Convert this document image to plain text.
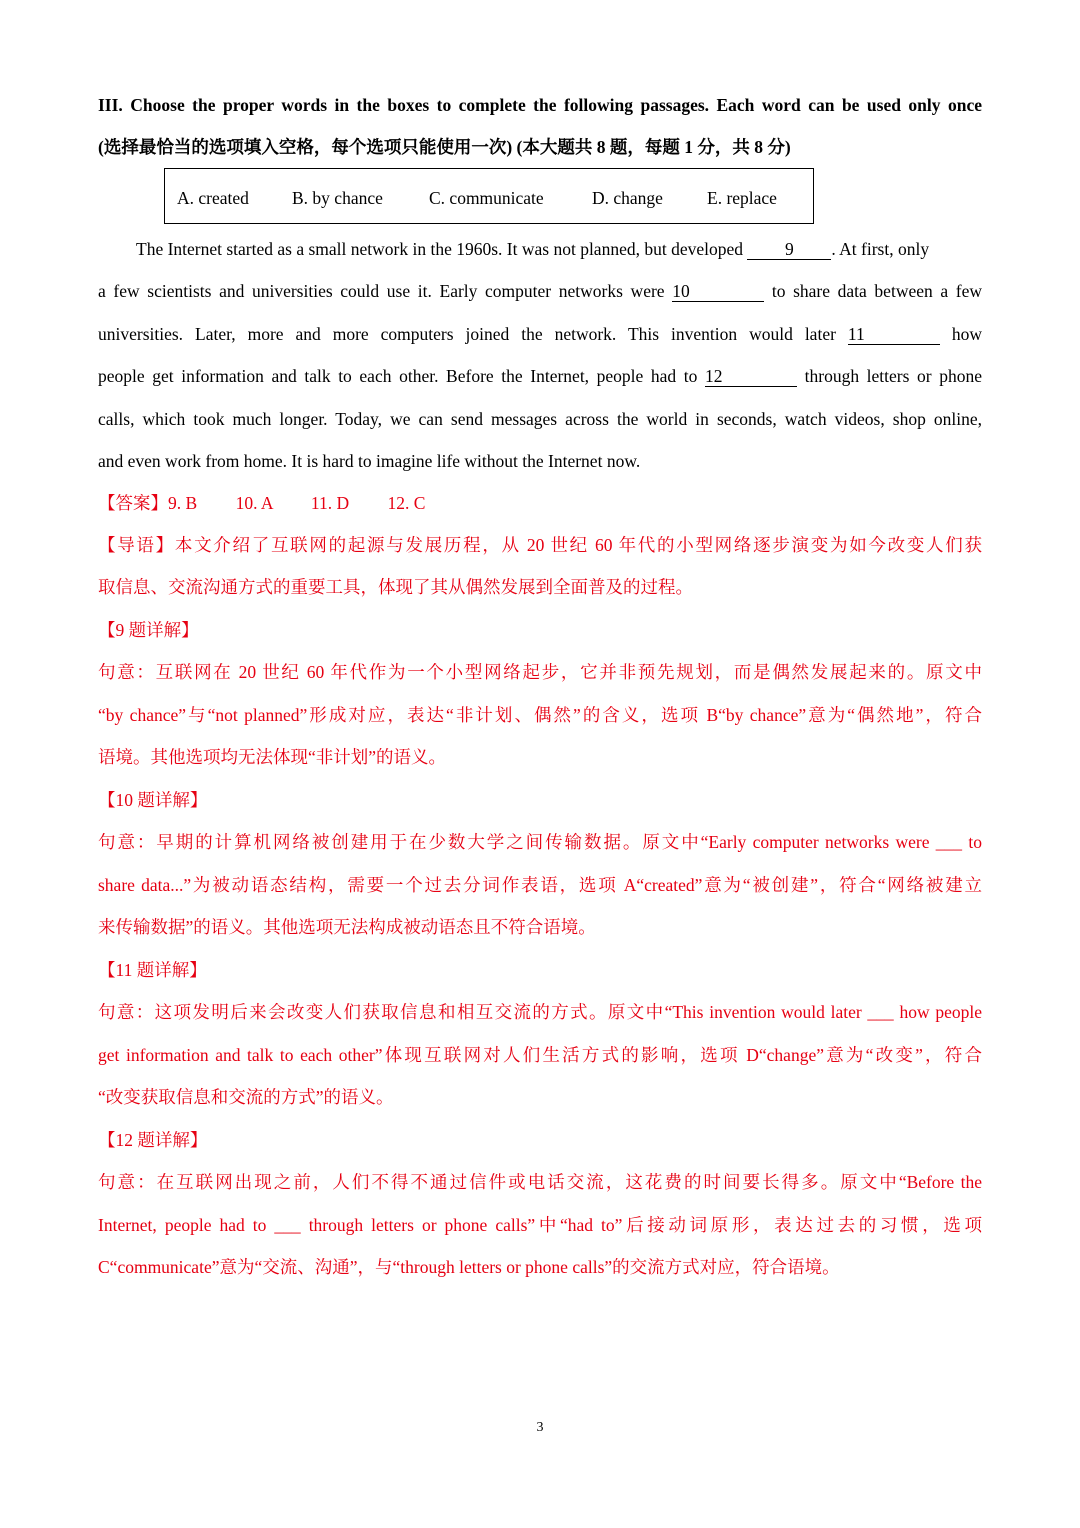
III. Choose the proper words in the boxes to complete the following passages. Each word can be used only once
(选择最恰当的选项填入空格，每个选项只能使用一次) (本大题共 8 题，每题 1 分，共 8 分)
A. created B. by chance	C. communicate	D. change	E. replace
The Internet started as a small network in the 1960s. It was not planned, but developed 9 . At first, only
a few scientists and universities could use it. Early computer networks were 10	to share data between a few
universities. Later, more and more computers joined the network. This invention would later 11	how
people get information and talk to each other. Before the Internet, people had to 12	through letters or phone
calls, which took much longer. Today, we can send messages across the world in seconds, watch videos, shop online,
and even work from home. It is hard to imagine life without the Internet now.
【答案】9. B 10. A 11. D 12. C
【导语】本文介绍了互联网的起源与发展历程，从 20 世纪 60 年代的小型网络逐步演变为如今改变人们获
取信息、交流沟通方式的重要工具，体现了其从偶然发展到全面普及的过程。
【9 题详解】
句意：互联网在 20 世纪 60 年代作为一个小型网络起步，它并非预先规划，而是偶然发展起来的。原文中
“by chance”与“not planned”形成对应，表达“非计划、偶然”的含义，选项 B“by chance”意为“偶然地”，符合
语境。其他选项均无法体现“非计划”的语义。
【10 题详解】
句意：早期的计算机网络被创建用于在少数大学之间传输数据。原文中“Early computer networks were ___ to
share data...”为被动语态结构，需要一个过去分词作表语，选项 A“created”意为“被创建”，符合“网络被建立
来传输数据”的语义。其他选项无法构成被动语态且不符合语境。
【11 题详解】
句意：这项发明后来会改变人们获取信息和相互交流的方式。原文中“This invention would later ___ how people
get information and talk to each other”体现互联网对人们生活方式的影响，选项 D“change”意为“改变”，符合
“改变获取信息和交流的方式”的语义。
【12 题详解】
句意：在互联网出现之前，人们不得不通过信件或电话交流，这花费的时间要长得多。原文中“Before the
Internet, people had to ___ through letters or phone calls”中“had to”后接动词原形，表达过去的习惯，选项
C“communicate”意为“交流、沟通”，与“through letters or phone calls”的交流方式对应，符合语境。
3
